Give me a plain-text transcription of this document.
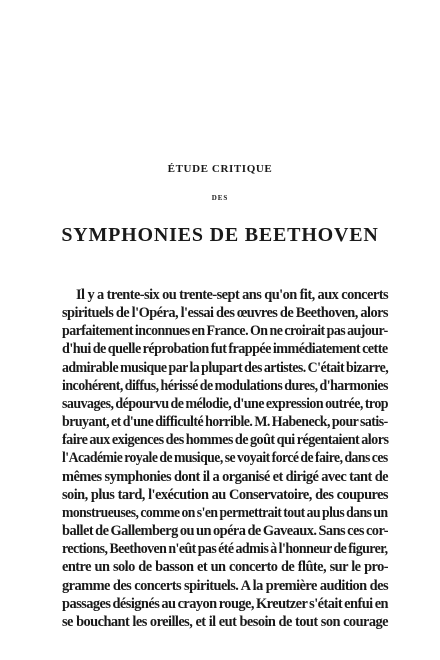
ÉTUDE CRITIQUE
DES
SYMPHONIES DE BEETHOVEN
Il y a trente-six ou trente-sept ans qu'on fit, aux concerts
spirituels de l'Opéra, l'essai des œuvres de Beethoven, alors
parfaitement inconnues en France. On ne croirait pas aujour-
d'hui de quelle réprobation fut frappée immédiatement cette
admirable musique par la plupart des artistes. C'était bizarre,
incohérent, diffus, hérissé de modulations dures, d'harmonies
sauvages, dépourvu de mélodie, d'une expression outrée, trop
bruyant, et d'une difficulté horrible. M. Habeneck, pour satis-
faire aux exigences des hommes de goût qui régentaient alors
l'Académie royale de musique, se voyait forcé de faire, dans ces
mêmes symphonies dont il a organisé et dirigé avec tant de
soin, plus tard, l'exécution au Conservatoire, des coupures
monstrueuses, comme on s'en permettrait tout au plus dans un
ballet de Gallemberg ou un opéra de Gaveaux. Sans ces cor-
rections, Beethoven n'eût pas été admis à l'honneur de figurer,
entre un solo de basson et un concerto de flûte, sur le pro-
gramme des concerts spirituels. A la première audition des
passages désignés au crayon rouge, Kreutzer s'était enfui en
se bouchant les oreilles, et il eut besoin de tout son courage
